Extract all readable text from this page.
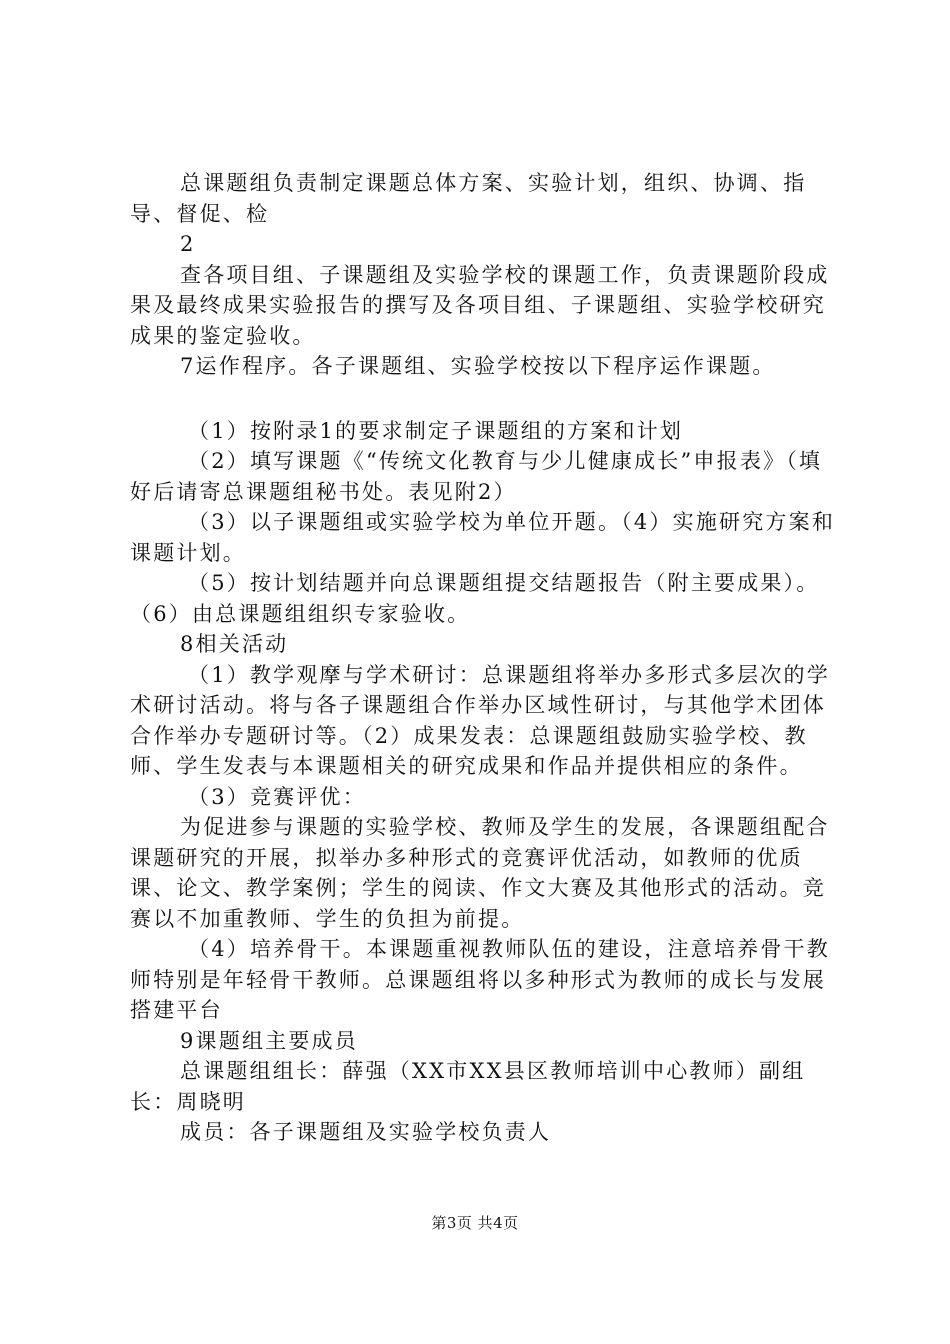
总课题组负责制定课题总体方案、实验计划，组织、协调、指导、督促、检

2

查各项目组、子课题组及实验学校的课题工作，负责课题阶段成果及最终成果实验报告的撰写及各项目组、子课题组、实验学校研究成果的鉴定验收。

7运作程序。各子课题组、实验学校按以下程序运作课题。

（1）按附录1的要求制定子课题组的方案和计划

（2）填写课题《“传统文化教育与少儿健康成长”申报表》（填好后请寄总课题组秘书处。表见附2）

（3）以子课题组或实验学校为单位开题。（4）实施研究方案和课题计划。

（5）按计划结题并向总课题组提交结题报告（附主要成果）。（6）由总课题组组织专家验收。

8相关活动

（1）教学观摩与学术研讨：总课题组将举办多形式多层次的学术研讨活动。将与各子课题组合作举办区域性研讨，与其他学术团体合作举办专题研讨等。（2）成果发表：总课题组鼓励实验学校、教师、学生发表与本课题相关的研究成果和作品并提供相应的条件。

（3）竞赛评优：

为促进参与课题的实验学校、教师及学生的发展，各课题组配合课题研究的开展，拟举办多种形式的竞赛评优活动，如教师的优质课、论文、教学案例；学生的阅读、作文大赛及其他形式的活动。竞赛以不加重教师、学生的负担为前提。

（4）培养骨干。本课题重视教师队伍的建设，注意培养骨干教师特别是年轻骨干教师。总课题组将以多种形式为教师的成长与发展搭建平台

9课题组主要成员

总课题组组长：薛强（XX市XX县区教师培训中心教师）副组长：周晓明

成员：各子课题组及实验学校负责人

第3页 共4页
